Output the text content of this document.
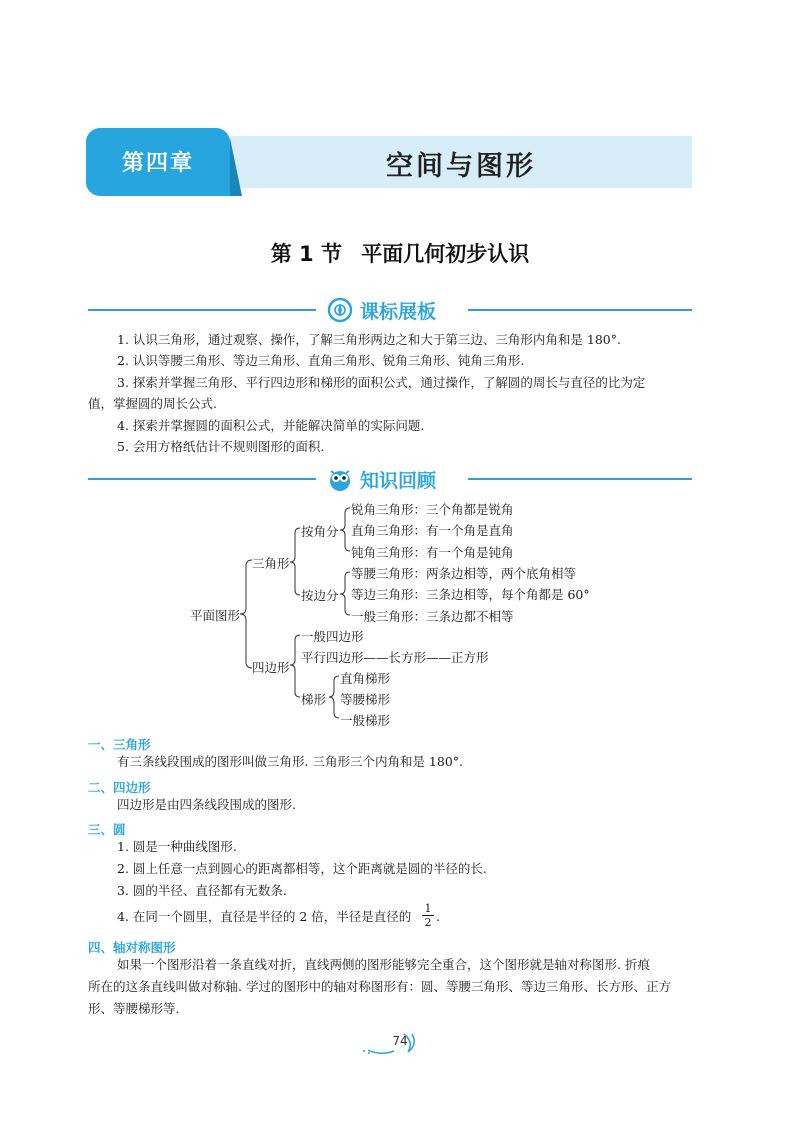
第四章	空间与图形
第 1 节 平面几何初步认识
课标展板
1. 认识三角形，通过观察、操作，了解三角形两边之和大于第三边、三角形内角和是 180°.
2. 认识等腰三角形、等边三角形、直角三角形、锐角三角形、钝角三角形.
3. 探索并掌握三角形、平行四边形和梯形的面积公式，通过操作，了解圆的周长与直径的比为定
值，掌握圆的周长公式.
4. 探索并掌握圆的面积公式，并能解决简单的实际问题.
5. 会用方格纸估计不规则图形的面积.
知识回顾
平面图形
三角形
按角分
锐角三角形：三个角都是锐角
直角三角形：有一个角是直角
钝角三角形：有一个角是钝角
按边分
等腰三角形：两条边相等，两个底角相等
等边三角形：三条边相等，每个角都是 60°
一般三角形：三条边都不相等
四边形
一般四边形
平行四边形——长方形——正方形
梯形
直角梯形
等腰梯形
一般梯形
一、三角形
有三条线段围成的图形叫做三角形. 三角形三个内角和是 180°.
二、四边形
四边形是由四条线段围成的图形.
三、圆
1. 圆是一种曲线图形.
2. 圆上任意一点到圆心的距离都相等，这个距离就是圆的半径的长.
3. 圆的半径、直径都有无数条.
4. 在同一个圆里，直径是半径的 2 倍，半径是直径的 $\frac{1}{2}$ .
四、轴对称图形
如果一个图形沿着一条直线对折，直线两侧的图形能够完全重合，这个图形就是轴对称图形. 折痕
所在的这条直线叫做对称轴. 学过的图形中的轴对称图形有：圆、等腰三角形、等边三角形、长方形、正方
形、等腰梯形等.
74
